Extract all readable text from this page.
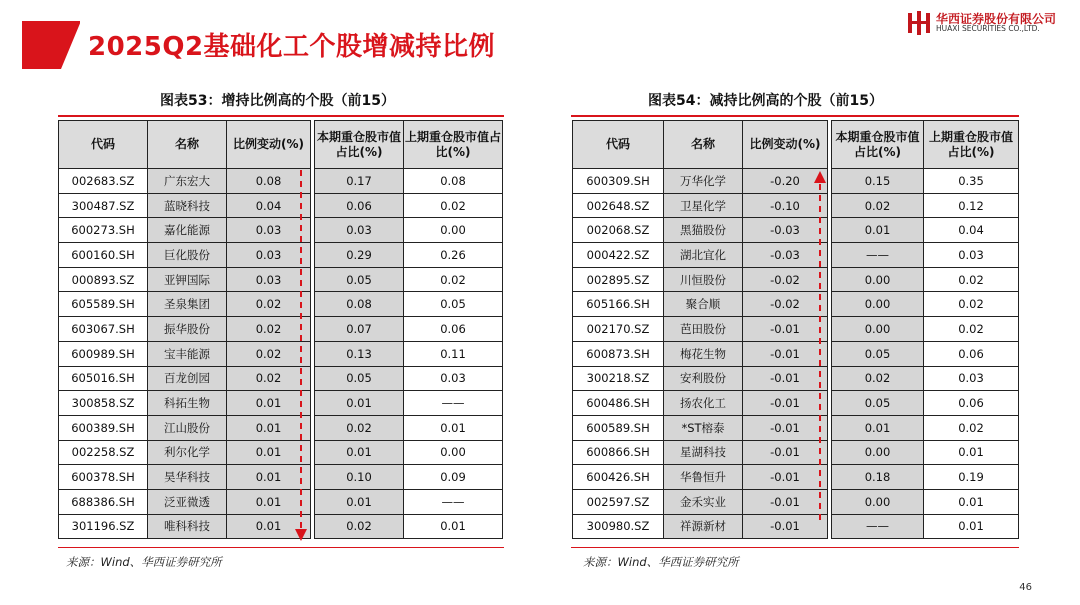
2025Q2基础化工个股增减持比例
华西证券股份有限公司
HUAXI SECURITIES CO.,LTD.
图表53：增持比例高的个股（前15）	图表54：减持比例高的个股（前15）
代码	名称	比例变动(%)		本期重仓股市值占比(%)	上期重仓股市值占比(%)
002683.SZ	广东宏大	0.08		0.17	0.08
300487.SZ	蓝晓科技	0.04		0.06	0.02
600273.SH	嘉化能源	0.03		0.03	0.00
600160.SH	巨化股份	0.03		0.29	0.26
000893.SZ	亚钾国际	0.03		0.05	0.02
605589.SH	圣泉集团	0.02		0.08	0.05
603067.SH	振华股份	0.02		0.07	0.06
600989.SH	宝丰能源	0.02		0.13	0.11
605016.SH	百龙创园	0.02		0.05	0.03
300858.SZ	科拓生物	0.01		0.01	——
600389.SH	江山股份	0.01		0.02	0.01
002258.SZ	利尔化学	0.01		0.01	0.00
600378.SH	昊华科技	0.01		0.10	0.09
688386.SH	泛亚微透	0.01		0.01	——
301196.SZ	唯科科技	0.01		0.02	0.01
代码	名称	比例变动(%)		本期重仓股市值占比(%)	上期重仓股市值占比(%)
600309.SH	万华化学	-0.20		0.15	0.35
002648.SZ	卫星化学	-0.10		0.02	0.12
002068.SZ	黑猫股份	-0.03		0.01	0.04
000422.SZ	湖北宜化	-0.03		——	0.03
002895.SZ	川恒股份	-0.02		0.00	0.02
605166.SH	聚合顺	-0.02		0.00	0.02
002170.SZ	芭田股份	-0.01		0.00	0.02
600873.SH	梅花生物	-0.01		0.05	0.06
300218.SZ	安利股份	-0.01		0.02	0.03
600486.SH	扬农化工	-0.01		0.05	0.06
600589.SH	*ST榕泰	-0.01		0.01	0.02
600866.SH	星湖科技	-0.01		0.00	0.01
600426.SH	华鲁恒升	-0.01		0.18	0.19
002597.SZ	金禾实业	-0.01		0.00	0.01
300980.SZ	祥源新材	-0.01		——	0.01
来源：Wind、华西证券研究所	来源：Wind、华西证券研究所
46
